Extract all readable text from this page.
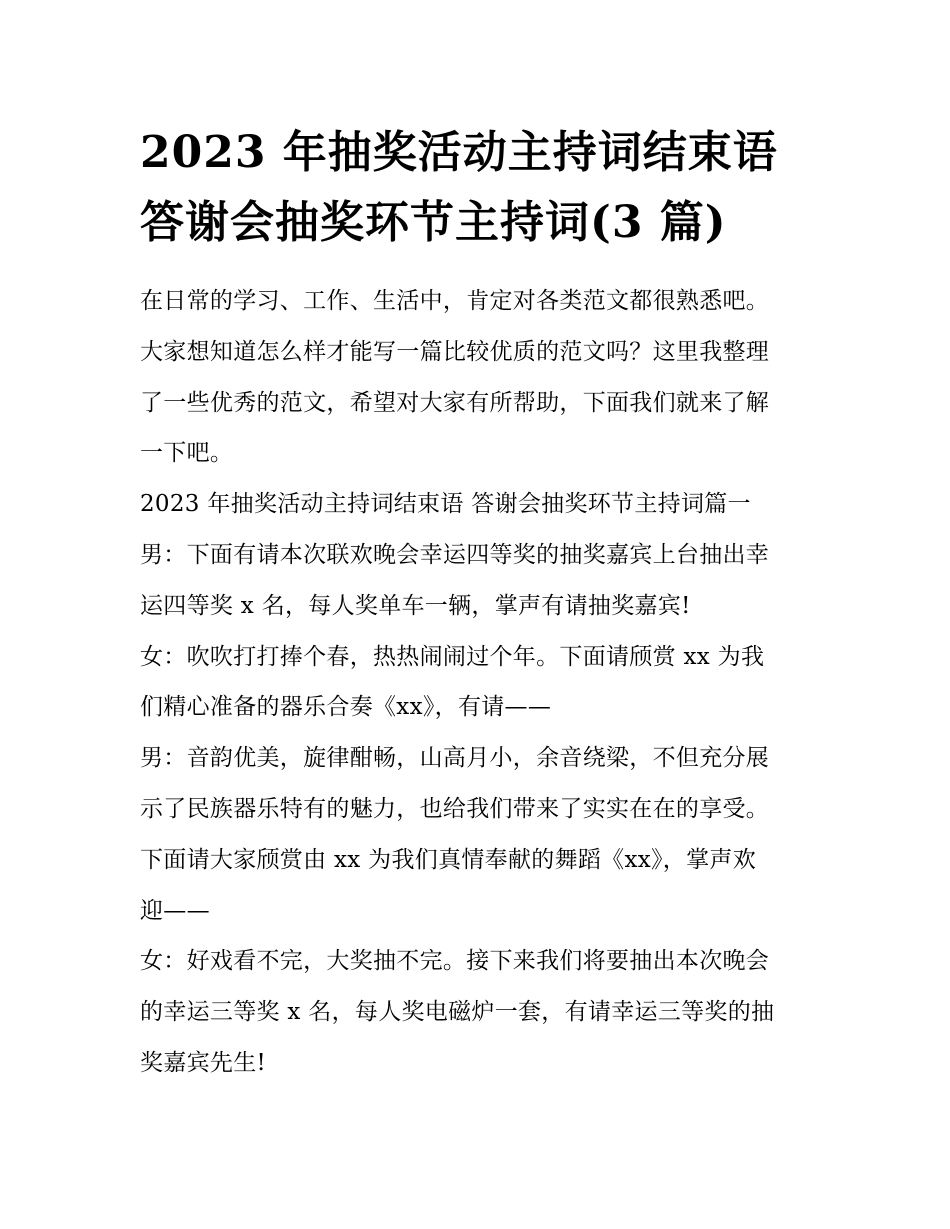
2023 年抽奖活动主持词结束语
答谢会抽奖环节主持词(3 篇)

在日常的学习、工作、生活中，肯定对各类范文都很熟悉吧。
大家想知道怎么样才能写一篇比较优质的范文吗？这里我整理
了一些优秀的范文，希望对大家有所帮助，下面我们就来了解
一下吧。

2023 年抽奖活动主持词结束语 答谢会抽奖环节主持词篇一

男：下面有请本次联欢晚会幸运四等奖的抽奖嘉宾上台抽出幸
运四等奖 x 名，每人奖单车一辆，掌声有请抽奖嘉宾!

女：吹吹打打捧个春，热热闹闹过个年。下面请颀赏 xx 为我
们精心准备的器乐合奏《xx》，有请——

男：音韵优美，旋律酣畅，山高月小，余音绕梁，不但充分展
示了民族器乐特有的魅力，也给我们带来了实实在在的享受。
下面请大家颀赏由 xx 为我们真情奉献的舞蹈《xx》，掌声欢
迎——

女：好戏看不完，大奖抽不完。接下来我们将要抽出本次晚会
的幸运三等奖 x 名，每人奖电磁炉一套，有请幸运三等奖的抽
奖嘉宾先生!
